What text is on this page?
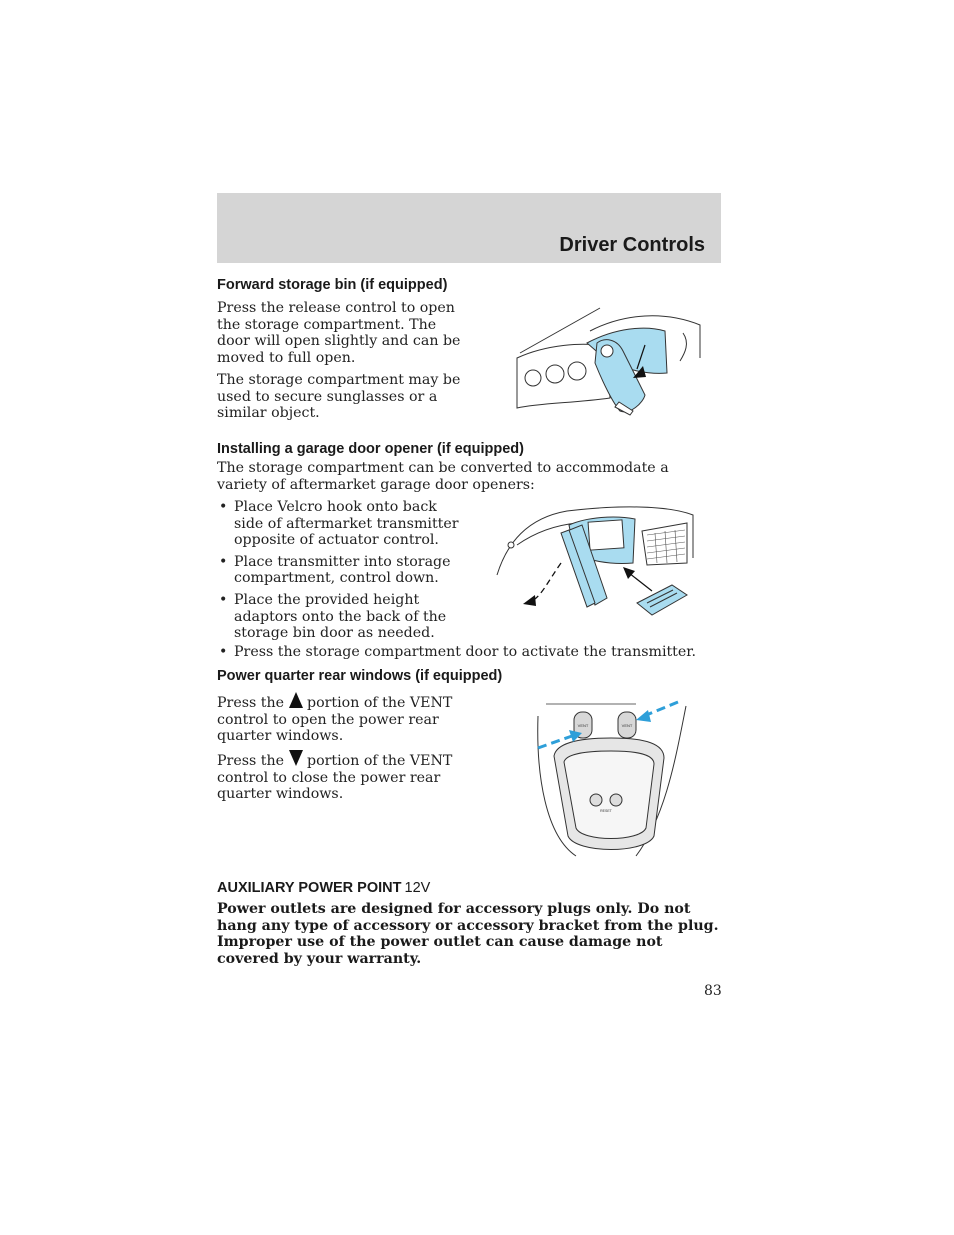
Driver Controls
Forward storage bin (if equipped)
Press the release control to open the storage compartment. The door will open slightly and can be moved to full open.
The storage compartment may be used to secure sunglasses or a similar object.
Installing a garage door opener (if equipped)
The storage compartment can be converted to accommodate a variety of aftermarket garage door openers:
• Place Velcro hook onto back side of aftermarket transmitter opposite of actuator control.
• Place transmitter into storage compartment, control down.
• Place the provided height adaptors onto the back of the storage bin door as needed.
• Press the storage compartment door to activate the transmitter.
Power quarter rear windows (if equipped)
Press the portion of the VENT control to open the power rear quarter windows.
Press the portion of the VENT control to close the power rear quarter windows.
VENT	VENT
RESET
AUXILIARY POWER POINT 12V
Power outlets are designed for accessory plugs only. Do not hang any type of accessory or accessory bracket from the plug. Improper use of the power outlet can cause damage not covered by your warranty.
83
